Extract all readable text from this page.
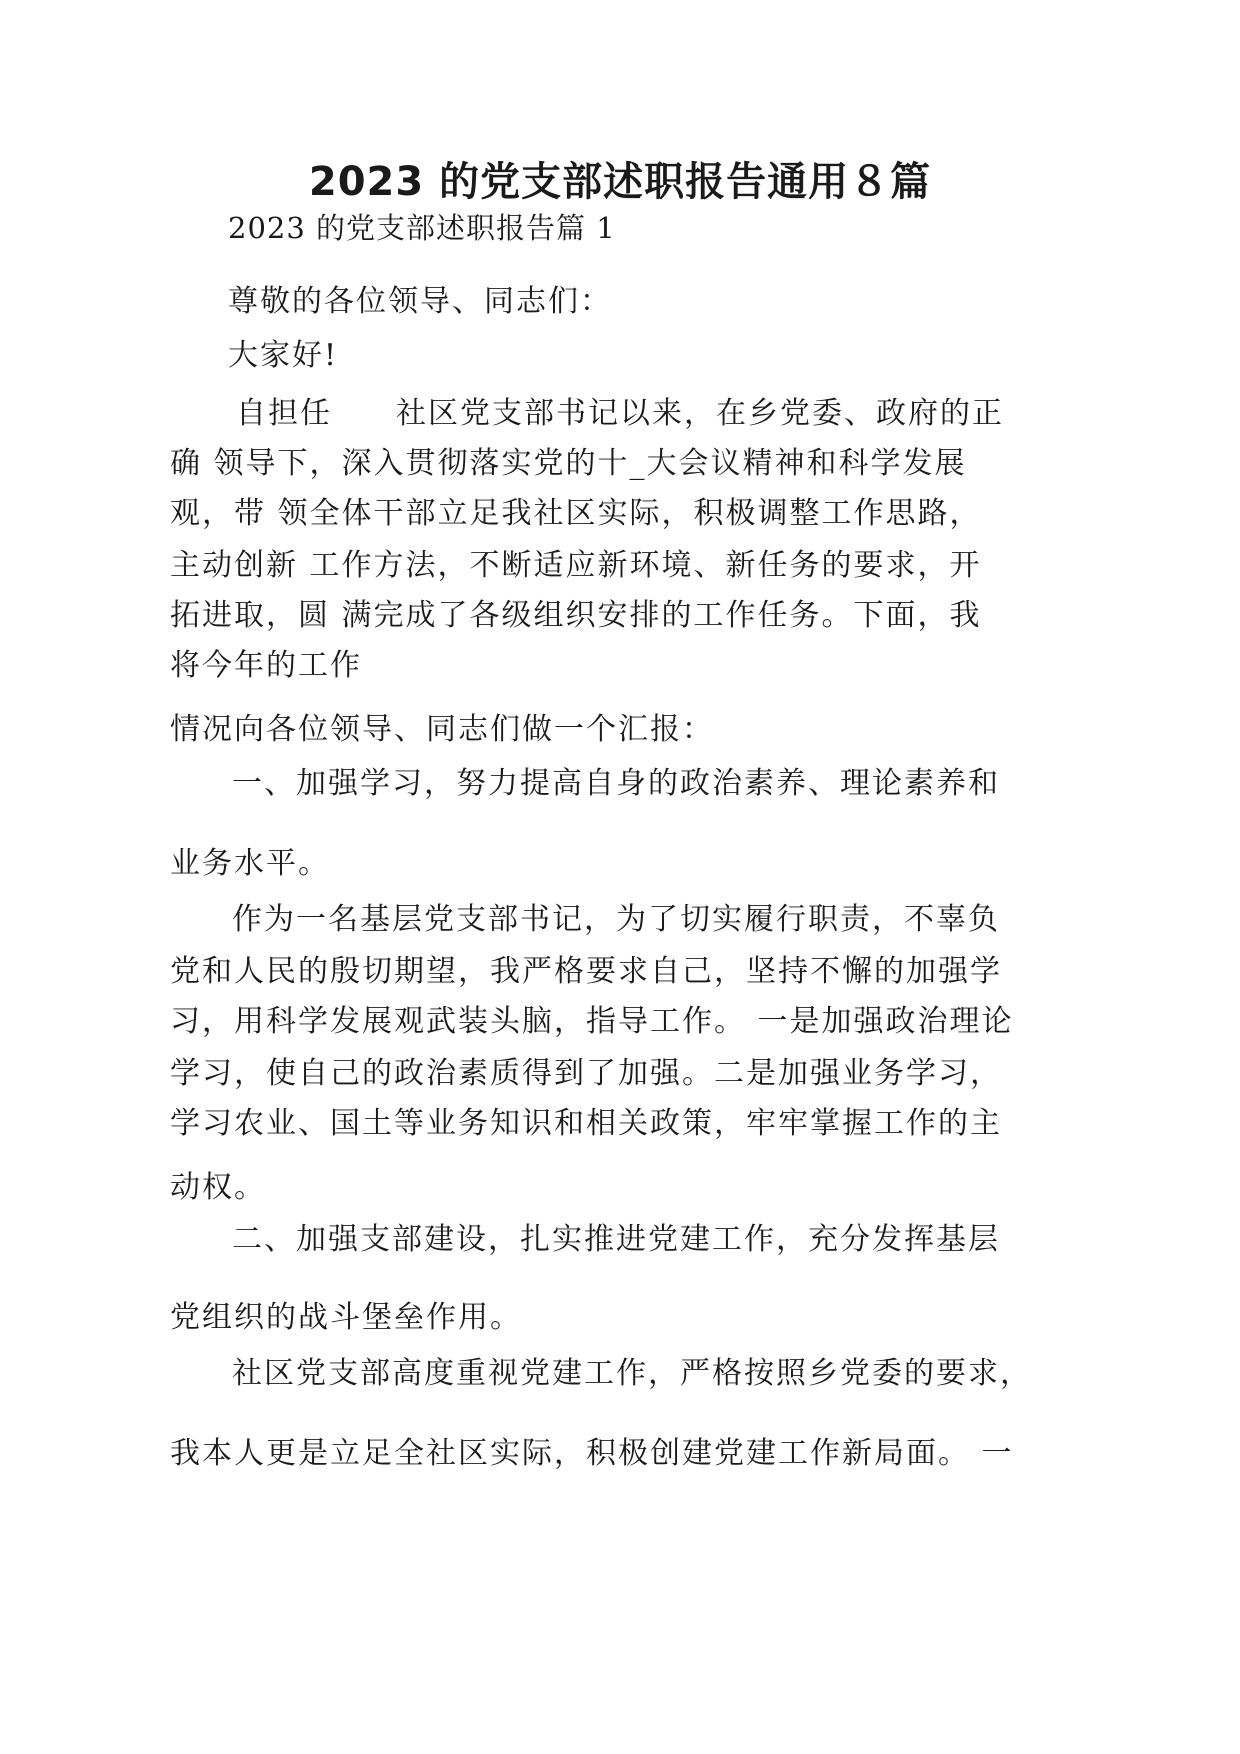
2023 的党支部述职报告通用８篇
2023 的党支部述职报告篇 1
尊敬的各位领导、同志们：
大家好!
自担任　　社区党支部书记以来，在乡党委、政府的正
确 领导下，深入贯彻落实党的十_大会议精神和科学发展
观，带 领全体干部立足我社区实际，积极调整工作思路，
主动创新 工作方法，不断适应新环境、新任务的要求，开
拓进取，圆 满完成了各级组织安排的工作任务。下面，我
将今年的工作
情况向各位领导、同志们做一个汇报：
一、加强学习，努力提高自身的政治素养、理论素养和
业务水平。
作为一名基层党支部书记，为了切实履行职责，不辜负
党和人民的殷切期望，我严格要求自己，坚持不懈的加强学
习，用科学发展观武装头脑，指导工作。 一是加强政治理论
学习，使自己的政治素质得到了加强。二是加强业务学习，
学习农业、国土等业务知识和相关政策，牢牢掌握工作的主
动权。
二、加强支部建设，扎实推进党建工作，充分发挥基层
党组织的战斗堡垒作用。
社区党支部高度重视党建工作，严格按照乡党委的要求，
我本人更是立足全社区实际，积极创建党建工作新局面。 一
